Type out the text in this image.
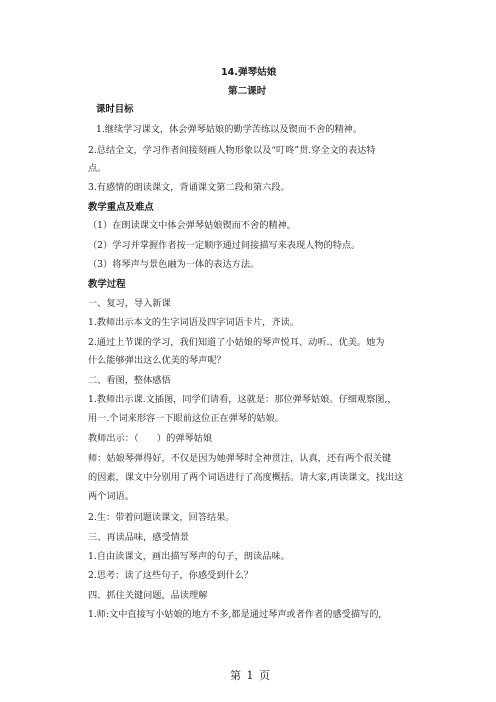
14.弹琴姑娘
第二课时
课时目标
1.继续学习课文，体会弹琴姑娘的勤学苦练以及锲而不舍的精神。
2.总结全文，学习作者间接刻画人物形象以及“叮咚”贯.穿全文的表达特
点。
3.有感情的朗读课文，背诵课文第二段和第六段。
教学重点及难点
（1）在朗读课文中体会弹琴姑娘锲而不舍的精神。
（2）学习并掌握作者按一定顺序通过间接描写来表现人物的特点。
（3）将琴声与景色融为一体的表达方法。
教学过程
一、复习，导入新课
1.教师出示本文的生字词语及四字词语卡片，齐读。
2.通过上节课的学习，我们知道了小姑娘的琴声悦耳、动听.、优美。她为
什么能够弹出这么优美的琴声呢？
二、看图，整体感悟
1.教师出示课.文插图，同学们请看，这就是：那位弹琴姑娘。仔细观察图,，
用一.个词来形容一下眼前这位正在弹琴的姑娘。
教师出示：（　　）的弹琴姑娘
师：姑娘琴弹得好，不仅是因为她弹琴时全神贯注，认真，还有两个很关键
的因素，课文中分别用了两个词语进行了高度概括。请大家,再读课文，找出这
两个词语。
2.生：带着问题读课文，回答结果。
三、再读品味，感受情景
1.自由读课文，画出描写琴声的句子，朗读品味。
2.思考：读了这些句子，你感受到什么？
四、抓住关键问题，品读理解
1.师:文中直接写小姑娘的地方不多,都是通过琴声或者作者的感受描写的,
第 1 页
